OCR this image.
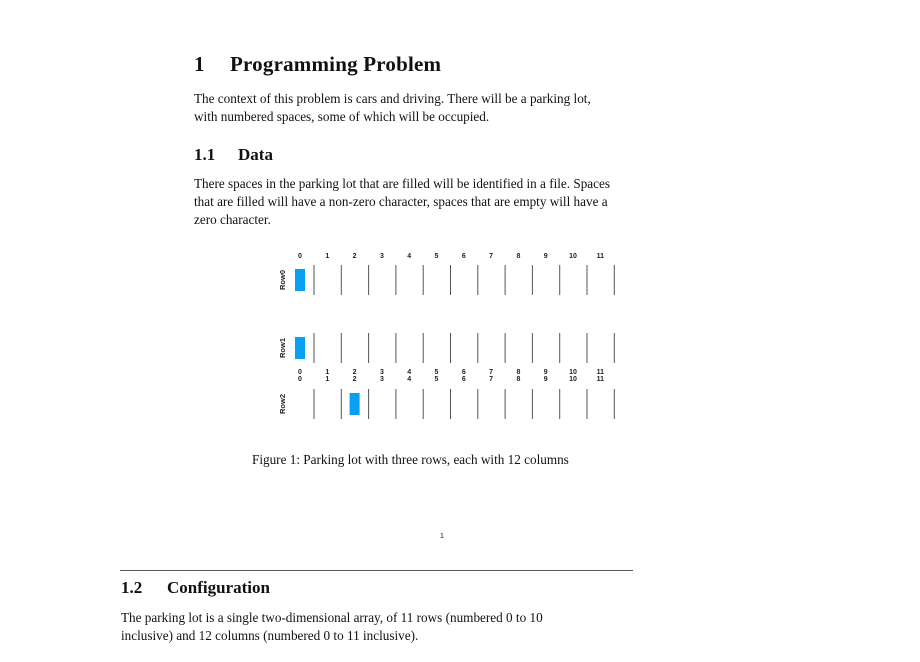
1 Programming Problem
The context of this problem is cars and driving. There will be a parking lot,
with numbered spaces, some of which will be occupied.
1.1 Data
There spaces in the parking lot that are filled will be identified in a file. Spaces
that are filled will have a non-zero character, spaces that are empty will have a
zero character.
Row0
Row1
Row2
0	1	2	3	4	5	6	7	8	9	10	11
0	1	2	3	4	5	6	7	8	9	10	11
0	1	2	3	4	5	6	7	8	9	10	11
Figure 1: Parking lot with three rows, each with 12 columns
1
1.2 Configuration
The parking lot is a single two-dimensional array, of 11 rows (numbered 0 to 10
inclusive) and 12 columns (numbered 0 to 11 inclusive).
